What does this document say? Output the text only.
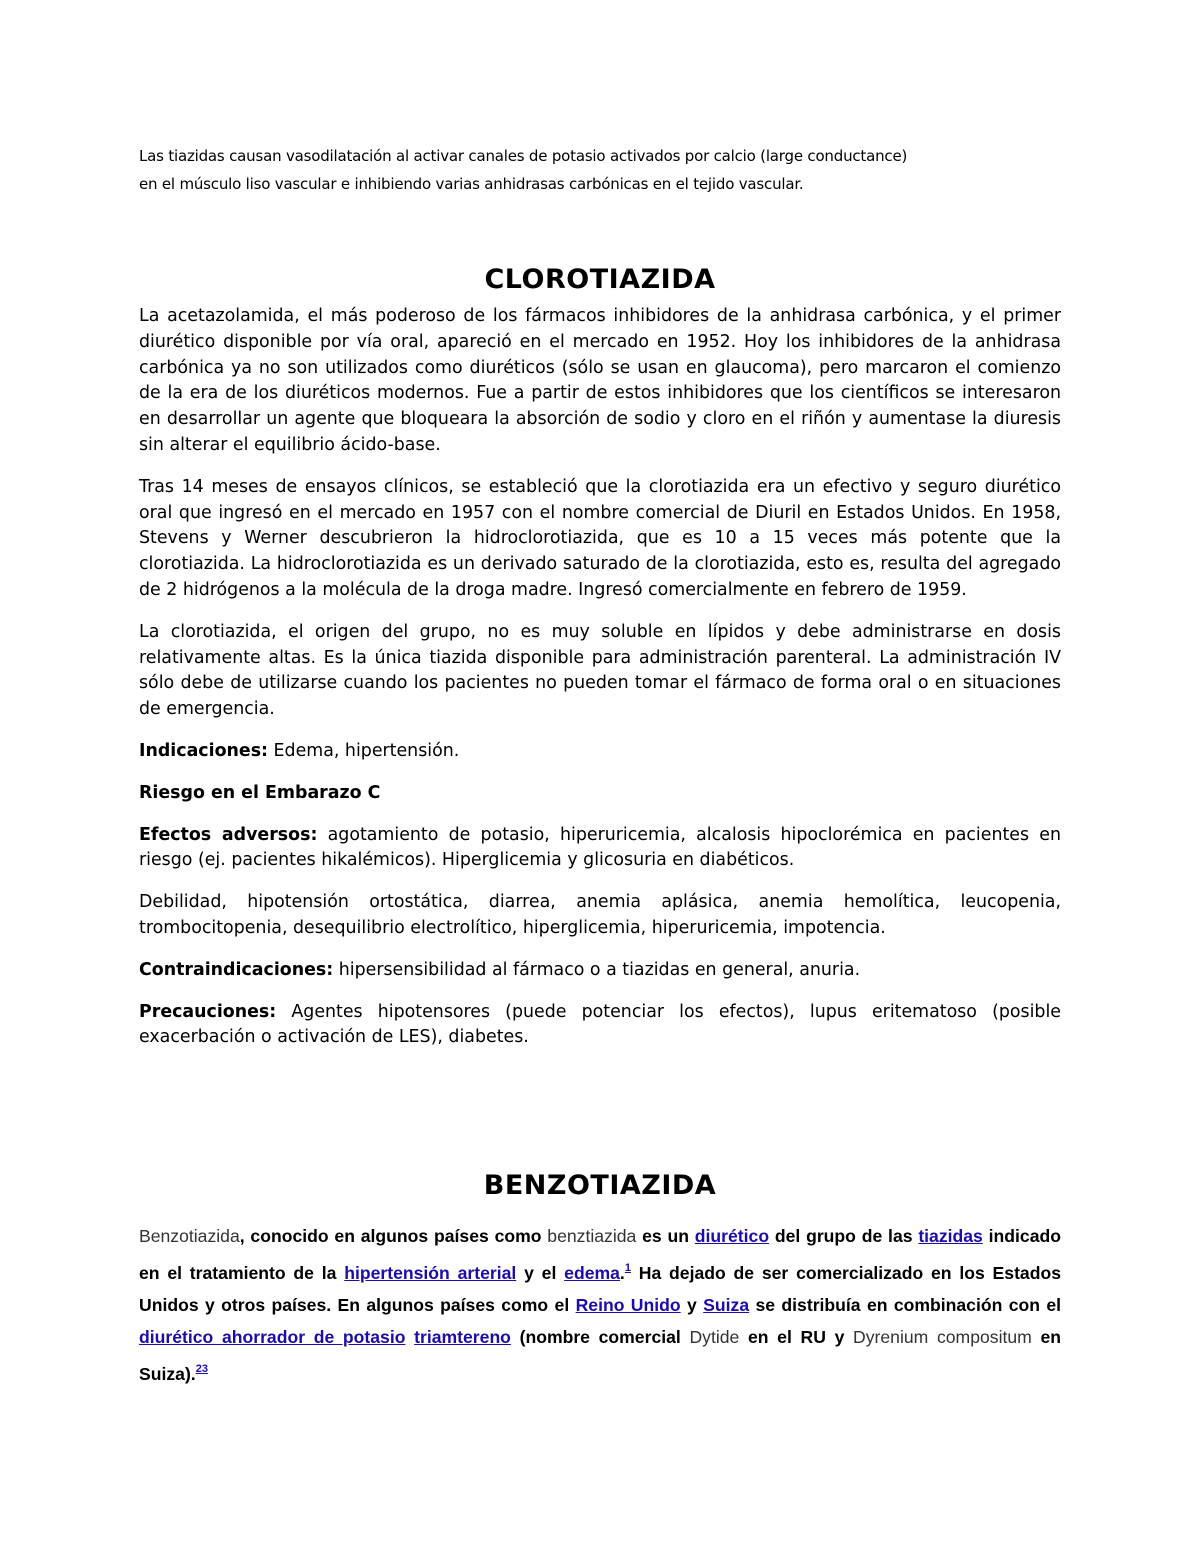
Las tiazidas causan vasodilatación al activar canales de potasio activados por calcio (large conductance)

en el músculo liso vascular e inhibiendo varias anhidrasas carbónicas en el tejido vascular.

CLOROTIAZIDA

La acetazolamida, el más poderoso de los fármacos inhibidores de la anhidrasa carbónica, y el primer diurético disponible por vía oral, apareció en el mercado en 1952. Hoy los inhibidores de la anhidrasa carbónica ya no son utilizados como diuréticos (sólo se usan en glaucoma), pero marcaron el comienzo de la era de los diuréticos modernos. Fue a partir de estos inhibidores que los científicos se interesaron en desarrollar un agente que bloqueara la absorción de sodio y cloro en el riñón y aumentase la diuresis sin alterar el equilibrio ácido-base.

Tras 14 meses de ensayos clínicos, se estableció que la clorotiazida era un efectivo y seguro diurético oral que ingresó en el mercado en 1957 con el nombre comercial de Diuril en Estados Unidos. En 1958, Stevens y Werner descubrieron la hidroclorotiazida, que es 10 a 15 veces más potente que la clorotiazida. La hidroclorotiazida es un derivado saturado de la clorotiazida, esto es, resulta del agregado de 2 hidrógenos a la molécula de la droga madre. Ingresó comercialmente en febrero de 1959.

La clorotiazida, el origen del grupo, no es muy soluble en lípidos y debe administrarse en dosis relativamente altas. Es la única tiazida disponible para administración parenteral. La administración IV sólo debe de utilizarse cuando los pacientes no pueden tomar el fármaco de forma oral o en situaciones de emergencia.

Indicaciones: Edema, hipertensión.

Riesgo en el Embarazo C

Efectos adversos: agotamiento de potasio, hiperuricemia, alcalosis hipoclorémica en pacientes en riesgo (ej. pacientes hikalémicos). Hiperglicemia y glicosuria en diabéticos.

Debilidad, hipotensión ortostática, diarrea, anemia aplásica, anemia hemolítica, leucopenia, trombocitopenia, desequilibrio electrolítico, hiperglicemia, hiperuricemia, impotencia.

Contraindicaciones: hipersensibilidad al fármaco o a tiazidas en general, anuria.

Precauciones: Agentes hipotensores (puede potenciar los efectos), lupus eritematoso (posible exacerbación o activación de LES), diabetes.

BENZOTIAZIDA
Benzotiazida, conocido en algunos países como benztiazida es un diurético del grupo de las tiazidas indicado en el tratamiento de la hipertensión arterial y el edema.$^1$ Ha dejado de ser comercializado en los Estados Unidos y otros países. En algunos países como el Reino Unido y Suiza se distribuía en combinación con el diurético ahorrador de potasio triamtereno (nombre comercial Dytide en el RU y Dyrenium compositum en Suiza).$^{23}$
